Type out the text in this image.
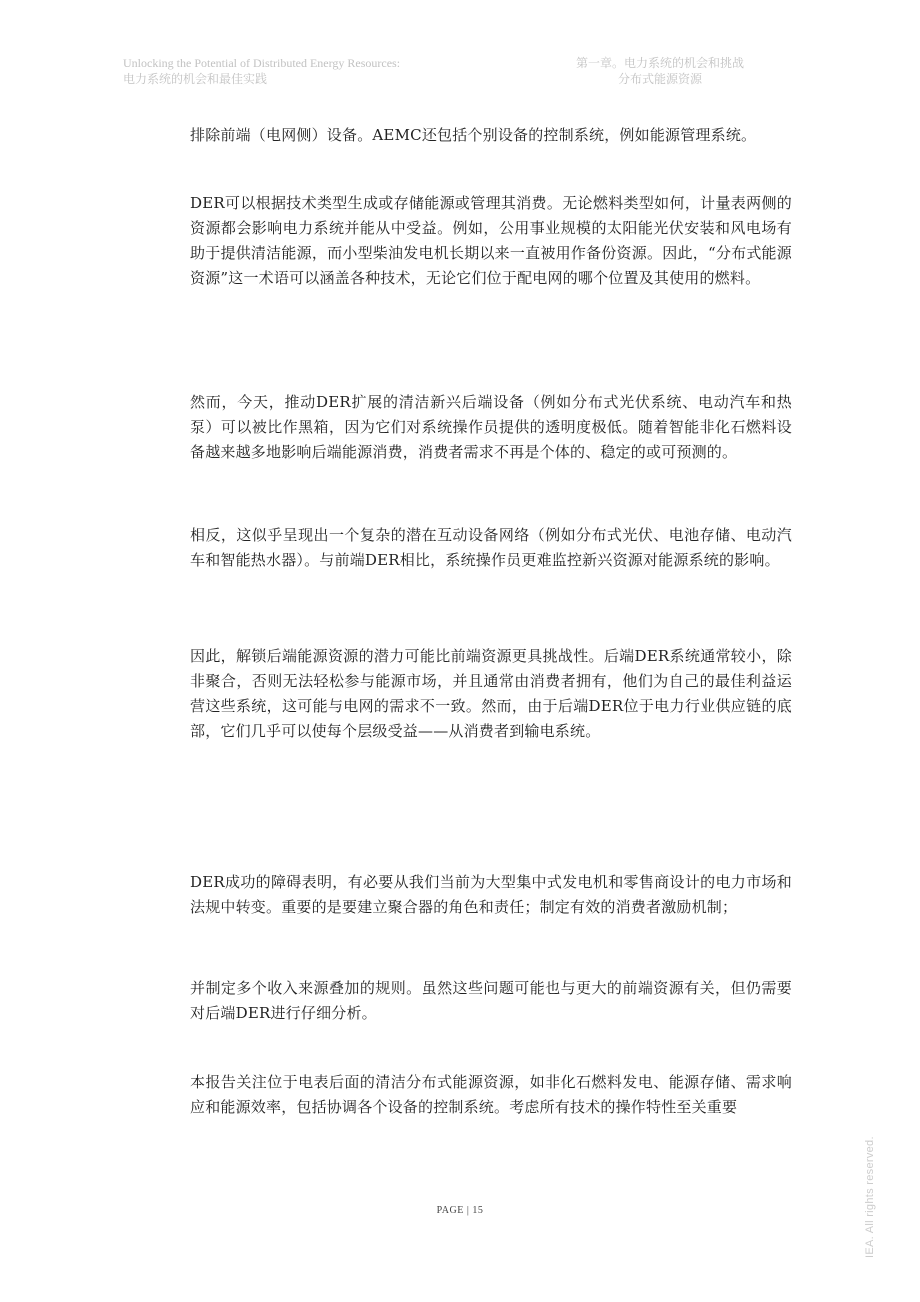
Unlocking the Potential of Distributed Energy Resources:
电力系统的机会和最佳实践
第一章。电力系统的机会和挑战
分布式能源资源

排除前端（电网侧）设备。AEMC还包括个别设备的控制系统，例如能源管理系统。

DER可以根据技术类型生成或存储能源或管理其消费。无论燃料类型如何，计量表两侧的资源都会影响电力系统并能从中受益。例如，公用事业规模的太阳能光伏安装和风电场有助于提供清洁能源，而小型柴油发电机长期以来一直被用作备份资源。因此，“分布式能源资源”这一术语可以涵盖各种技术，无论它们位于配电网的哪个位置及其使用的燃料。

然而，今天，推动DER扩展的清洁新兴后端设备（例如分布式光伏系统、电动汽车和热泵）可以被比作黑箱，因为它们对系统操作员提供的透明度极低。随着智能非化石燃料设备越来越多地影响后端能源消费，消费者需求不再是个体的、稳定的或可预测的。

相反，这似乎呈现出一个复杂的潜在互动设备网络（例如分布式光伏、电池存储、电动汽车和智能热水器）。与前端DER相比，系统操作员更难监控新兴资源对能源系统的影响。

因此，解锁后端能源资源的潜力可能比前端资源更具挑战性。后端DER系统通常较小，除非聚合，否则无法轻松参与能源市场，并且通常由消费者拥有，他们为自己的最佳利益运营这些系统，这可能与电网的需求不一致。然而，由于后端DER位于电力行业供应链的底部，它们几乎可以使每个层级受益——从消费者到输电系统。

DER成功的障碍表明，有必要从我们当前为大型集中式发电机和零售商设计的电力市场和法规中转变。重要的是要建立聚合器的角色和责任；制定有效的消费者激励机制；

并制定多个收入来源叠加的规则。虽然这些问题可能也与更大的前端资源有关，但仍需要对后端DER进行仔细分析。

本报告关注位于电表后面的清洁分布式能源资源，如非化石燃料发电、能源存储、需求响应和能源效率，包括协调各个设备的控制系统。考虑所有技术的操作特性至关重要

PAGE | 15	IEA. All rights reserved.
